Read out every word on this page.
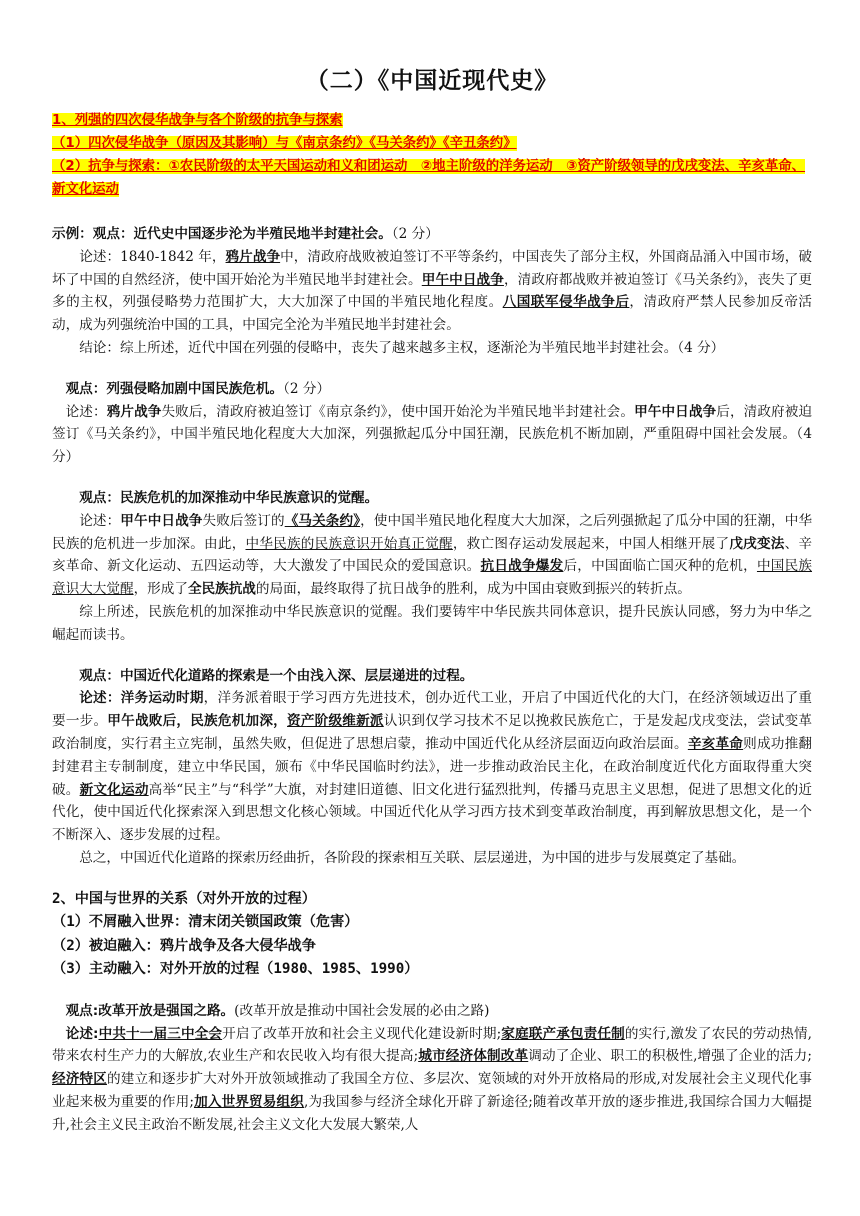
（二）《中国近现代史》
1、列强的四次侵华战争与各个阶级的抗争与探索
（1）四次侵华战争（原因及其影响）与《南京条约》《马关条约》《辛丑条约》
（2）抗争与探索：①农民阶级的太平天国运动和义和团运动　②地主阶级的洋务运动　③资产阶级领导的戊戌变法、辛亥革命、新文化运动

示例：观点：近代史中国逐步沦为半殖民地半封建社会。（2 分）

论述：1840-1842 年，鸦片战争中，清政府战败被迫签订不平等条约，中国丧失了部分主权，外国商品涌入中国市场，破坏了中国的自然经济，使中国开始沦为半殖民地半封建社会。甲午中日战争，清政府都战败并被迫签订《马关条约》，丧失了更多的主权，列强侵略势力范围扩大，大大加深了中国的半殖民地化程度。八国联军侵华战争后，清政府严禁人民参加反帝活动，成为列强统治中国的工具，中国完全沦为半殖民地半封建社会。

结论：综上所述，近代中国在列强的侵略中，丧失了越来越多主权，逐渐沦为半殖民地半封建社会。（4 分）

观点：列强侵略加剧中国民族危机。（2 分）

论述：鸦片战争失败后，清政府被迫签订《南京条约》，使中国开始沦为半殖民地半封建社会。甲午中日战争后，清政府被迫签订《马关条约》，中国半殖民地化程度大大加深，列强掀起瓜分中国狂潮，民族危机不断加剧，严重阻碍中国社会发展。（4 分）

观点：民族危机的加深推动中华民族意识的觉醒。

论述：甲午中日战争失败后签订的《马关条约》，使中国半殖民地化程度大大加深，之后列强掀起了瓜分中国的狂潮，中华民族的危机进一步加深。由此，中华民族的民族意识开始真正觉醒，救亡图存运动发展起来，中国人相继开展了戊戌变法、辛亥革命、新文化运动、五四运动等，大大激发了中国民众的爱国意识。抗日战争爆发后，中国面临亡国灭种的危机，中国民族意识大大觉醒，形成了全民族抗战的局面，最终取得了抗日战争的胜利，成为中国由衰败到振兴的转折点。

综上所述，民族危机的加深推动中华民族意识的觉醒。我们要铸牢中华民族共同体意识，提升民族认同感，努力为中华之崛起而读书。

观点：中国近代化道路的探索是一个由浅入深、层层递进的过程。

论述：洋务运动时期，洋务派着眼于学习西方先进技术，创办近代工业，开启了中国近代化的大门，在经济领域迈出了重要一步。甲午战败后，民族危机加深，资产阶级维新派认识到仅学习技术不足以挽救民族危亡，于是发起戊戌变法，尝试变革政治制度，实行君主立宪制，虽然失败，但促进了思想启蒙，推动中国近代化从经济层面迈向政治层面。辛亥革命则成功推翻封建君主专制制度，建立中华民国，颁布《中华民国临时约法》，进一步推动政治民主化，在政治制度近代化方面取得重大突破。新文化运动高举“民主”与“科学”大旗，对封建旧道德、旧文化进行猛烈批判，传播马克思主义思想，促进了思想文化的近代化，使中国近代化探索深入到思想文化核心领域。中国近代化从学习西方技术到变革政治制度，再到解放思想文化，是一个不断深入、逐步发展的过程。

总之，中国近代化道路的探索历经曲折，各阶段的探索相互关联、层层递进，为中国的进步与发展奠定了基础。

2、中国与世界的关系（对外开放的过程）
（1）不屑融入世界：清末闭关锁国政策（危害）
（2）被迫融入：鸦片战争及各大侵华战争
（3）主动融入：对外开放的过程（1980、1985、1990）

观点:改革开放是强国之路。(改革开放是推动中国社会发展的必由之路)

论述:中共十一届三中全会开启了改革开放和社会主义现代化建设新时期;家庭联产承包责任制的实行,激发了农民的劳动热情,带来农村生产力的大解放,农业生产和农民收入均有很大提高;城市经济体制改革调动了企业、职工的积极性,增强了企业的活力;经济特区的建立和逐步扩大对外开放领域推动了我国全方位、多层次、宽领域的对外开放格局的形成,对发展社会主义现代化事业起来极为重要的作用;加入世界贸易组织,为我国参与经济全球化开辟了新途径;随着改革开放的逐步推进,我国综合国力大幅提升,社会主义民主政治不断发展,社会主义文化大发展大繁荣,人
